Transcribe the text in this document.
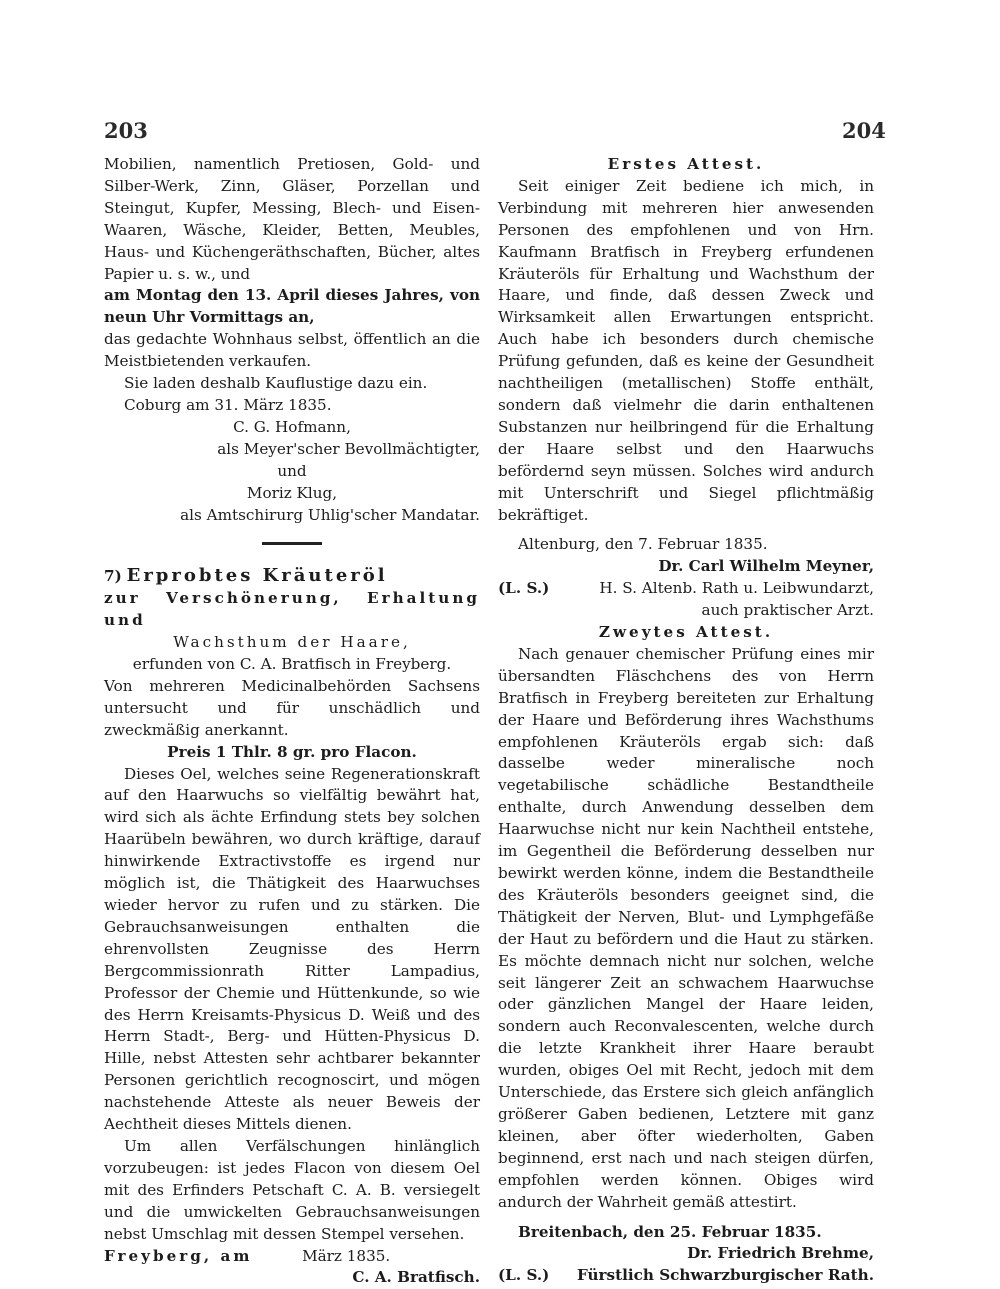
203	204

Mobilien, namentlich Pretiosen, Gold- und Silber-Werk, Zinn, Gläser, Porzellan und Steingut, Kupfer, Messing, Blech- und Eisen-Waaren, Wäsche, Kleider, Betten, Meubles, Haus- und Küchengeräthschaften, Bücher, altes Papier u. s. w., und

am Montag den 13. April dieses Jahres, von neun Uhr Vormittags an,

das gedachte Wohnhaus selbst, öffentlich an die Meistbietenden verkaufen.

Sie laden deshalb Kauflustige dazu ein.

Coburg am 31. März 1835.

C. G. Hofmann,

als Meyer'scher Bevollmächtigter,

und

Moriz Klug,

als Amtschirurg Uhlig'scher Mandatar.

7) Erprobtes Kräuteröl

zur Verschönerung, Erhaltung und

Wachsthum der Haare,

erfunden von C. A. Bratfisch in Freyberg.

Von mehreren Medicinalbehörden Sachsens untersucht und für unschädlich und zweckmäßig anerkannt.

Preis 1 Thlr. 8 gr. pro Flacon.

Dieses Oel, welches seine Regenerationskraft auf den Haarwuchs so vielfältig bewährt hat, wird sich als ächte Erfindung stets bey solchen Haarübeln bewähren, wo durch kräftige, darauf hinwirkende Extractivstoffe es irgend nur möglich ist, die Thätigkeit des Haarwuchses wieder hervor zu rufen und zu stärken. Die Gebrauchsanweisungen enthalten die ehrenvollsten Zeugnisse des Herrn Bergcommissionrath Ritter Lampadius, Professor der Chemie und Hüttenkunde, so wie des Herrn Kreisamts-Physicus D. Weiß und des Herrn Stadt-, Berg- und Hütten-Physicus D. Hille, nebst Attesten sehr achtbarer bekannter Personen gerichtlich recognoscirt, und mögen nachstehende Atteste als neuer Beweis der Aechtheit dieses Mittels dienen.

Um allen Verfälschungen hinlänglich vorzubeugen: ist jedes Flacon von diesem Oel mit des Erfinders Petschaft C. A. B. versiegelt und die umwickelten Gebrauchsanweisungen nebst Umschlag mit dessen Stempel versehen.

Freyberg, am	März 1835.

C. A. Bratfisch.

Erstes Attest.

Seit einiger Zeit bediene ich mich, in Verbindung mit mehreren hier anwesenden Personen des empfohlenen und von Hrn. Kaufmann Bratfisch in Freyberg erfundenen Kräuteröls für Erhaltung und Wachsthum der Haare, und finde, daß dessen Zweck und Wirksamkeit allen Erwartungen entspricht. Auch habe ich besonders durch chemische Prüfung gefunden, daß es keine der Gesundheit nachtheiligen (metallischen) Stoffe enthält, sondern daß vielmehr die darin enthaltenen Substanzen nur heilbringend für die Erhaltung der Haare selbst und den Haarwuchs befördernd seyn müssen. Solches wird andurch mit Unterschrift und Siegel pflichtmäßig bekräftiget.

Altenburg, den 7. Februar 1835.

Dr. Carl Wilhelm Meyner,

(L. S.)	H. S. Altenb. Rath u. Leibwundarzt,

auch praktischer Arzt.

Zweytes Attest.

Nach genauer chemischer Prüfung eines mir übersandten Fläschchens des von Herrn Bratfisch in Freyberg bereiteten zur Erhaltung der Haare und Beförderung ihres Wachsthums empfohlenen Kräuteröls ergab sich: daß dasselbe weder mineralische noch vegetabilische schädliche Bestandtheile enthalte, durch Anwendung desselben dem Haarwuchse nicht nur kein Nachtheil entstehe, im Gegentheil die Beförderung desselben nur bewirkt werden könne, indem die Bestandtheile des Kräuteröls besonders geeignet sind, die Thätigkeit der Nerven, Blut- und Lymphgefäße der Haut zu befördern und die Haut zu stärken. Es möchte demnach nicht nur solchen, welche seit längerer Zeit an schwachem Haarwuchse oder gänzlichen Mangel der Haare leiden, sondern auch Reconvalescenten, welche durch die letzte Krankheit ihrer Haare beraubt wurden, obiges Oel mit Recht, jedoch mit dem Unterschiede, das Erstere sich gleich anfänglich größerer Gaben bedienen, Letztere mit ganz kleinen, aber öfter wiederholten, Gaben beginnend, erst nach und nach steigen dürfen, empfohlen werden können. Obiges wird andurch der Wahrheit gemäß attestirt.

Breitenbach, den 25. Februar 1835.

Dr. Friedrich Brehme,

(L. S.) Fürstlich Schwarzburgischer Rath.
